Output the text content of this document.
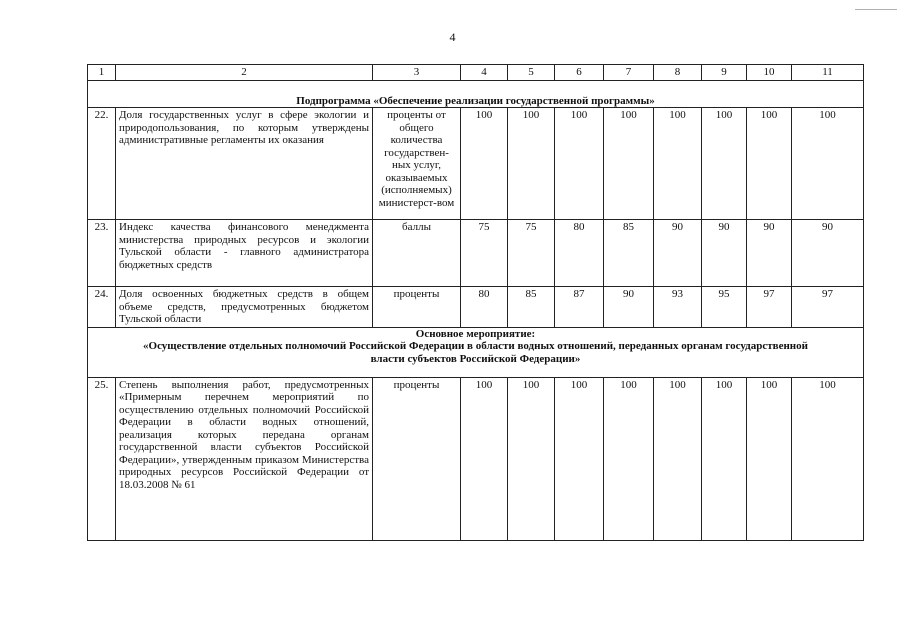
4
1	2	3	4	5	6	7	8	9	10	11
Подпрограмма «Обеспечение реализации государственной программы»										
22.	Доля государственных услуг в сфере экологии и природопользования, по которым утверждены административные регламенты их оказания	проценты от общего количества государствен-ных услуг, оказываемых (исполняемых) министерст-вом	100	100	100	100	100	100	100	100
23.	Индекс качества финансового менеджмента министерства природных ресурсов и экологии Тульской области - главного администратора бюджетных средств	баллы	75	75	80	85	90	90	90	90
24.	Доля освоенных бюджетных средств в общем объеме средств, предусмотренных бюджетом Тульской области	проценты	80	85	87	90	93	95	97	97

Основное мероприятие:
«Осуществление отдельных полномочий Российской Федерации в области водных отношений, переданных органам государственной власти субъектов Российской Федерации»										

25.	Степень выполнения работ, предусмотренных «Примерным перечнем мероприятий по осуществлению отдельных полномочий Российской Федерации в области водных отношений, реализация которых передана органам государственной власти субъектов Российской Федерации», утвержденным приказом Министерства природных ресурсов Российской Федерации от 18.03.2008 № 61	проценты	100	100	100	100	100	100	100	100
